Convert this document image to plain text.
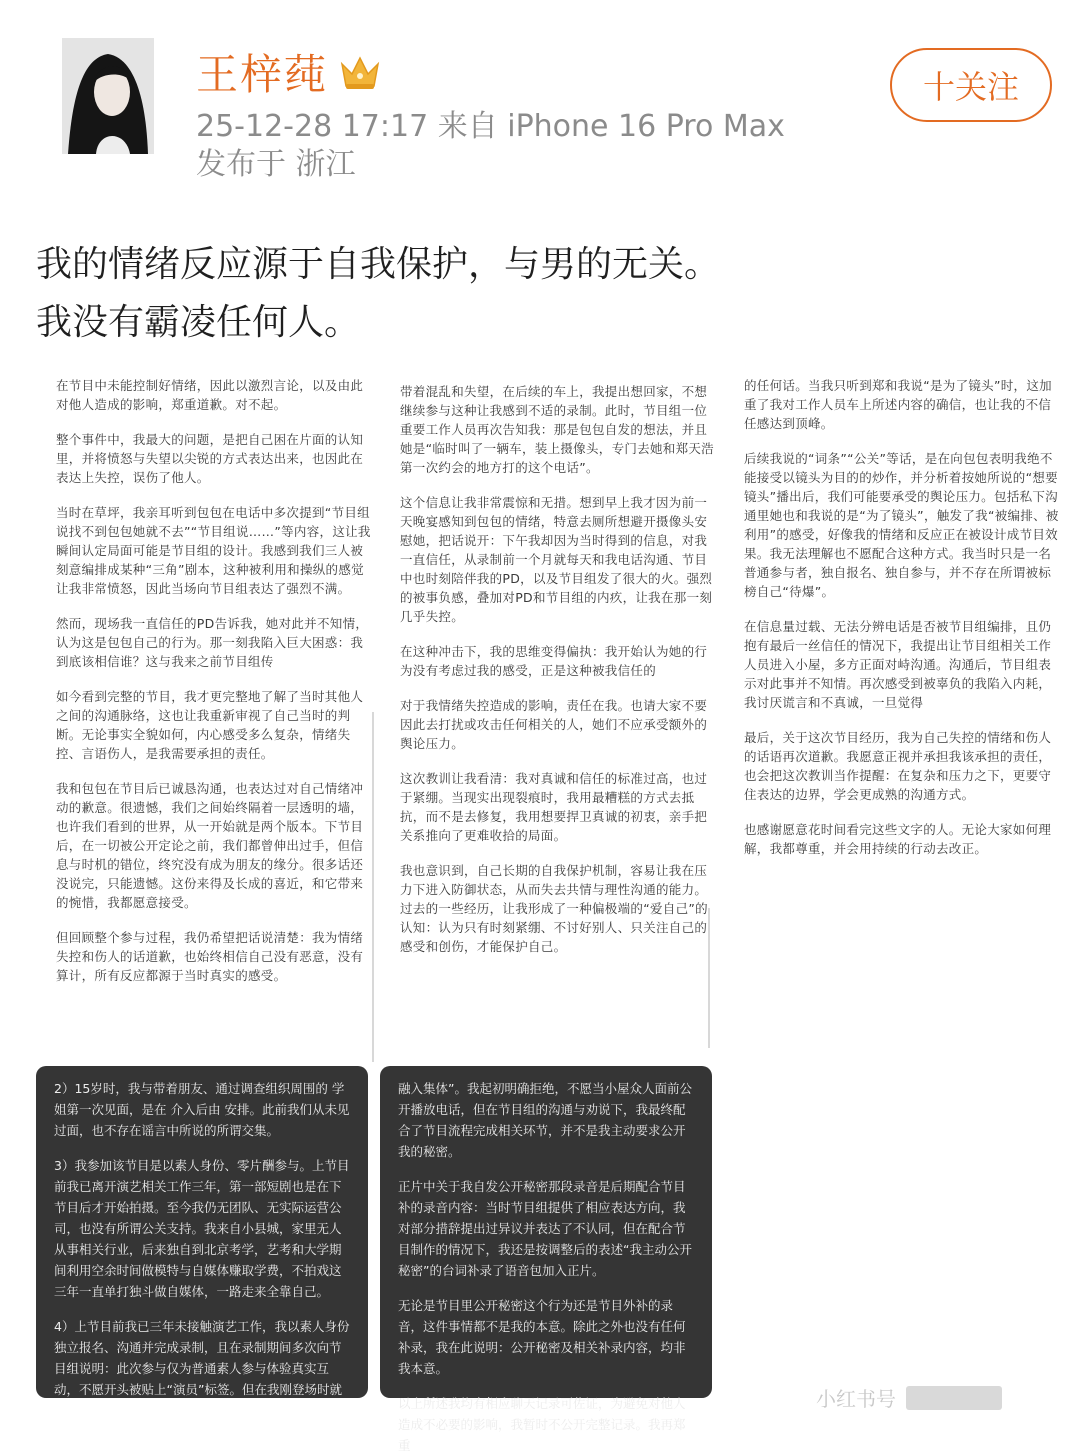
王梓莼
25-12-28 17:17 来自 iPhone 16 Pro Max
发布于 浙江
十关注

我的情绪反应源于自我保护，与男的无关。

我没有霸凌任何人。

在节目中未能控制好情绪，因此以激烈言论，以及由此对他人造成的影响，郑重道歉。对不起。

整个事件中，我最大的问题，是把自己困在片面的认知里，并将愤怒与失望以尖锐的方式表达出来，也因此在表达上失控，误伤了他人。

当时在草坪，我亲耳听到包包在电话中多次提到“节目组说找不到包包她就不去”“节目组说……”等内容，这让我瞬间认定局面可能是节目组的设计。我感到我们三人被刻意编排成某种“三角”剧本，这种被利用和操纵的感觉让我非常愤怒，因此当场向节目组表达了强烈不满。

然而，现场我一直信任的PD告诉我，她对此并不知情，认为这是包包自己的行为。那一刻我陷入巨大困惑：我到底该相信谁？这与我来之前节目组传

如今看到完整的节目，我才更完整地了解了当时其他人之间的沟通脉络，这也让我重新审视了自己当时的判断。无论事实全貌如何，内心感受多么复杂，情绪失控、言语伤人，是我需要承担的责任。

我和包包在节目后已诚恳沟通，也表达过对自己情绪冲动的歉意。很遗憾，我们之间始终隔着一层透明的墙，也许我们看到的世界，从一开始就是两个版本。下节目后，在一切被公开定论之前，我们都曾伸出过手，但信息与时机的错位，终究没有成为朋友的缘分。很多话还没说完，只能遗憾。这份来得及长成的喜近，和它带来的惋惜，我都愿意接受。

但回顾整个参与过程，我仍希望把话说清楚：我为情绪失控和伤人的话道歉，也始终相信自己没有恶意，没有算计，所有反应都源于当时真实的感受。

带着混乱和失望，在后续的车上，我提出想回家，不想继续参与这种让我感到不适的录制。此时，节目组一位重要工作人员再次告知我：那是包包自发的想法，并且她是“临时叫了一辆车，装上摄像头，专门去她和郑天浩第一次约会的地方打的这个电话”。

这个信息让我非常震惊和无措。想到早上我才因为前一天晚宴感知到包包的情绪，特意去厕所想避开摄像头安慰她，把话说开：下午我却因为当时得到的信息，对我一直信任，从录制前一个月就每天和我电话沟通、节目中也时刻陪伴我的PD，以及节目组发了很大的火。强烈的被事负感，叠加对PD和节目组的内疚，让我在那一刻几乎失控。

在这种冲击下，我的思维变得偏执：我开始认为她的行为没有考虑过我的感受，正是这种被我信任的

对于我情绪失控造成的影响，责任在我。也请大家不要因此去打扰或攻击任何相关的人，她们不应承受额外的舆论压力。

这次教训让我看清：我对真诚和信任的标准过高，也过于紧绷。当现实出现裂痕时，我用最糟糕的方式去抵抗，而不是去修复，我用想要捍卫真诚的初衷，亲手把关系推向了更难收拾的局面。

我也意识到，自己长期的自我保护机制，容易让我在压力下进入防御状态，从而失去共情与理性沟通的能力。过去的一些经历，让我形成了一种偏极端的“爱自己”的认知：认为只有时刻紧绷、不讨好别人、只关注自己的感受和创伤，才能保护自己。

的任何话。当我只听到郑和我说“是为了镜头”时，这加重了我对工作人员车上所述内容的确信，也让我的不信任感达到顶峰。

后续我说的“词条”“公关”等话，是在向包包表明我绝不能接受以镜头为目的的炒作，并分析着按她所说的“想要镜头”播出后，我们可能要承受的舆论压力。包括私下沟通里她也和我说的是“为了镜头”，触发了我“被编排、被利用”的感受，好像我的情绪和反应正在被设计成节目效果。我无法理解也不愿配合这种方式。我当时只是一名普通参与者，独自报名、独自参与，并不存在所谓被标榜自己“待爆”。

在信息量过载、无法分辨电话是否被节目组编排，且仍抱有最后一丝信任的情况下，我提出让节目组相关工作人员进入小屋，多方正面对峙沟通。沟通后，节目组表示对此事并不知情。再次感受到被辜负的我陷入内耗，我讨厌谎言和不真诚，一旦觉得

最后，关于这次节目经历，我为自己失控的情绪和伤人的话语再次道歉。我愿意正视并承担我该承担的责任，也会把这次教训当作提醒：在复杂和压力之下，更要守住表达的边界，学会更成熟的沟通方式。

也感谢愿意花时间看完这些文字的人。无论大家如何理解，我都尊重，并会用持续的行动去改正。

2）15岁时，我与带着朋友、通过调查组织周围的 学姐第一次见面，是在 介入后由 安排。此前我们从未见过面，也不存在谣言中所说的所谓交集。

3）我参加该节目是以素人身份、零片酬参与。上节目前我已离开演艺相关工作三年，第一部短剧也是在下节目后才开始拍摄。至今我仍无团队、无实际运营公司，也没有所谓公关支持。我来自小县城，家里无人从事相关行业，后来独自到北京考学，艺考和大学期间利用空余时间做模特与自媒体赚取学费，不拍戏这三年一直单打独斗做自媒体，一路走来全靠自己。

4）上节目前我已三年未接触演艺工作，我以素人身份独立报名、沟通并完成录制，且在录制期间多次向节目组说明：此次参与仅为普通素人参与体验真实互动，不愿开头被贴上“演员”标签。但在我刚登场时就

融入集体”。我起初明确拒绝，不愿当小屋众人面前公开播放电话，但在节目组的沟通与劝说下，我最终配合了节目流程完成相关环节，并不是我主动要求公开我的秘密。

正片中关于我自发公开秘密那段录音是后期配合节目补的录音内容：当时节目组提供了相应表达方向，我对部分措辞提出过异议并表达了不认同，但在配合节目制作的情况下，我还是按调整后的表述“我主动公开秘密”的台词补录了语音包加入正片。

无论是节目里公开秘密这个行为还是节目外补的录音，这件事情都不是我的本意。除此之外也没有任何补录，我在此说明：公开秘密及相关补录内容，均非我本意。

以上所述我均有相应聊天记录可佐证，为避免对他人造成不必要的影响，我暂时不公开完整记录。我再郑重

小红书号
